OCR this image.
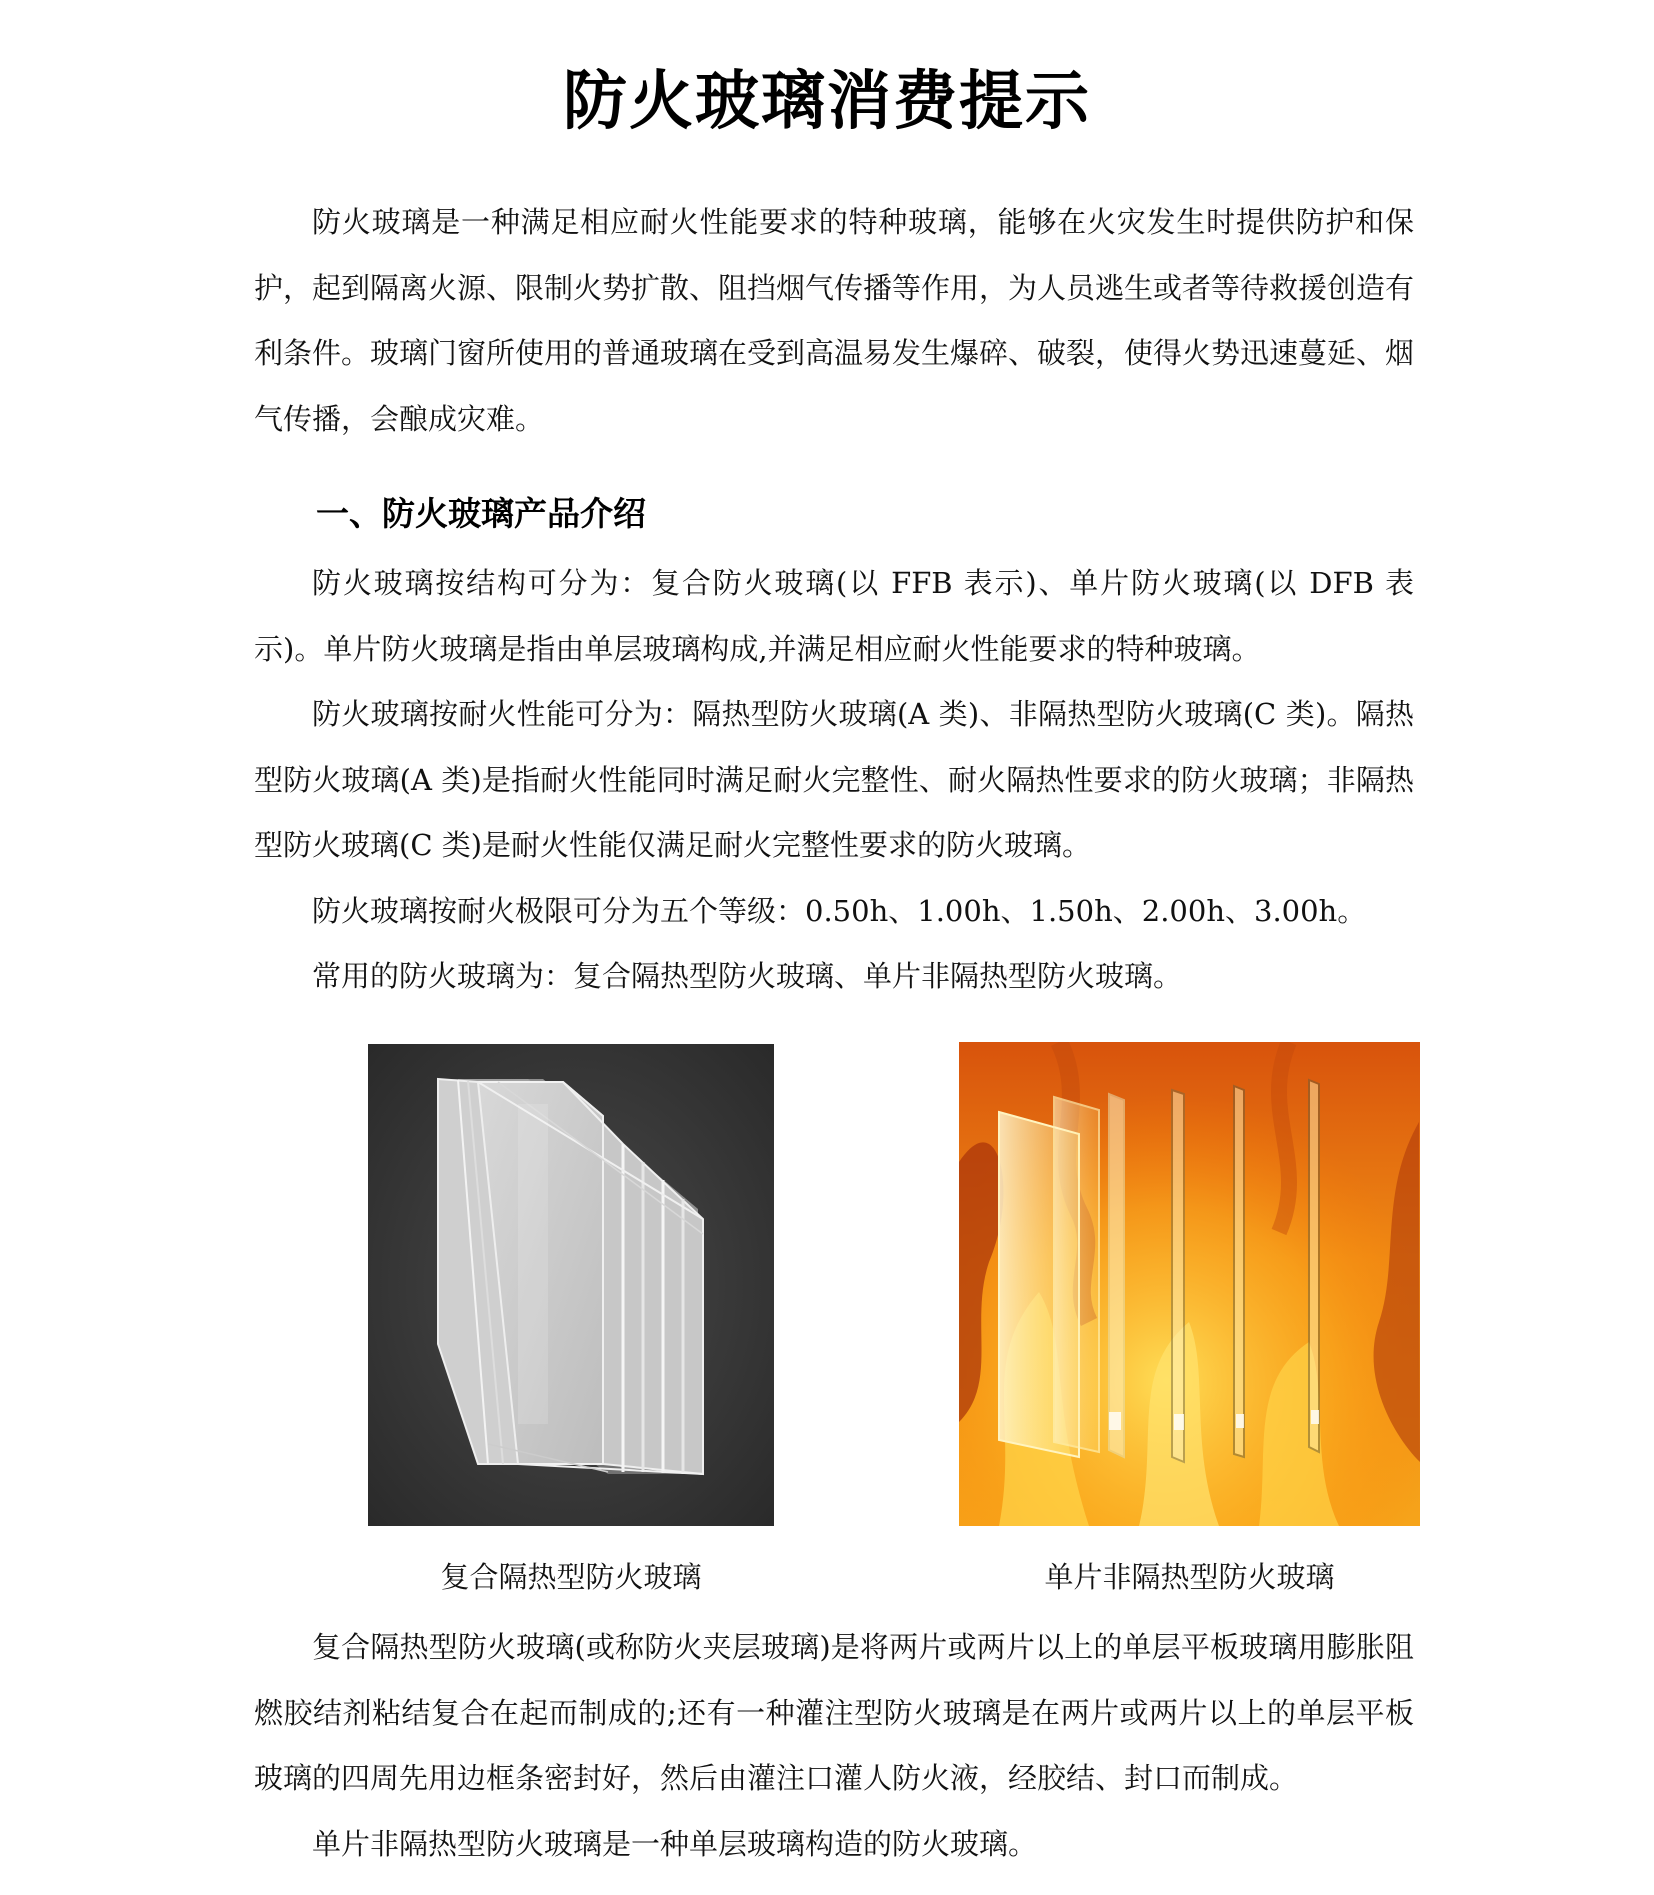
防火玻璃消费提示

防火玻璃是一种满足相应耐火性能要求的特种玻璃，能够在火灾发生时提供防护和保护，起到隔离火源、限制火势扩散、阻挡烟气传播等作用，为人员逃生或者等待救援创造有利条件。玻璃门窗所使用的普通玻璃在受到高温易发生爆碎、破裂，使得火势迅速蔓延、烟气传播，会酿成灾难。

一、防火玻璃产品介绍

防火玻璃按结构可分为：复合防火玻璃(以 FFB 表示)、单片防火玻璃(以 DFB 表示)。单片防火玻璃是指由单层玻璃构成,并满足相应耐火性能要求的特种玻璃。

防火玻璃按耐火性能可分为：隔热型防火玻璃(A 类)、非隔热型防火玻璃(C 类)。隔热型防火玻璃(A 类)是指耐火性能同时满足耐火完整性、耐火隔热性要求的防火玻璃；非隔热型防火玻璃(C 类)是耐火性能仅满足耐火完整性要求的防火玻璃。

防火玻璃按耐火极限可分为五个等级：0.50h、1.00h、1.50h、2.00h、3.00h。

常用的防火玻璃为：复合隔热型防火玻璃、单片非隔热型防火玻璃。

复合隔热型防火玻璃	单片非隔热型防火玻璃

复合隔热型防火玻璃(或称防火夹层玻璃)是将两片或两片以上的单层平板玻璃用膨胀阻燃胶结剂粘结复合在起而制成的;还有一种灌注型防火玻璃是在两片或两片以上的单层平板玻璃的四周先用边框条密封好，然后由灌注口灌人防火液，经胶结、封口而制成。

单片非隔热型防火玻璃是一种单层玻璃构造的防火玻璃。
